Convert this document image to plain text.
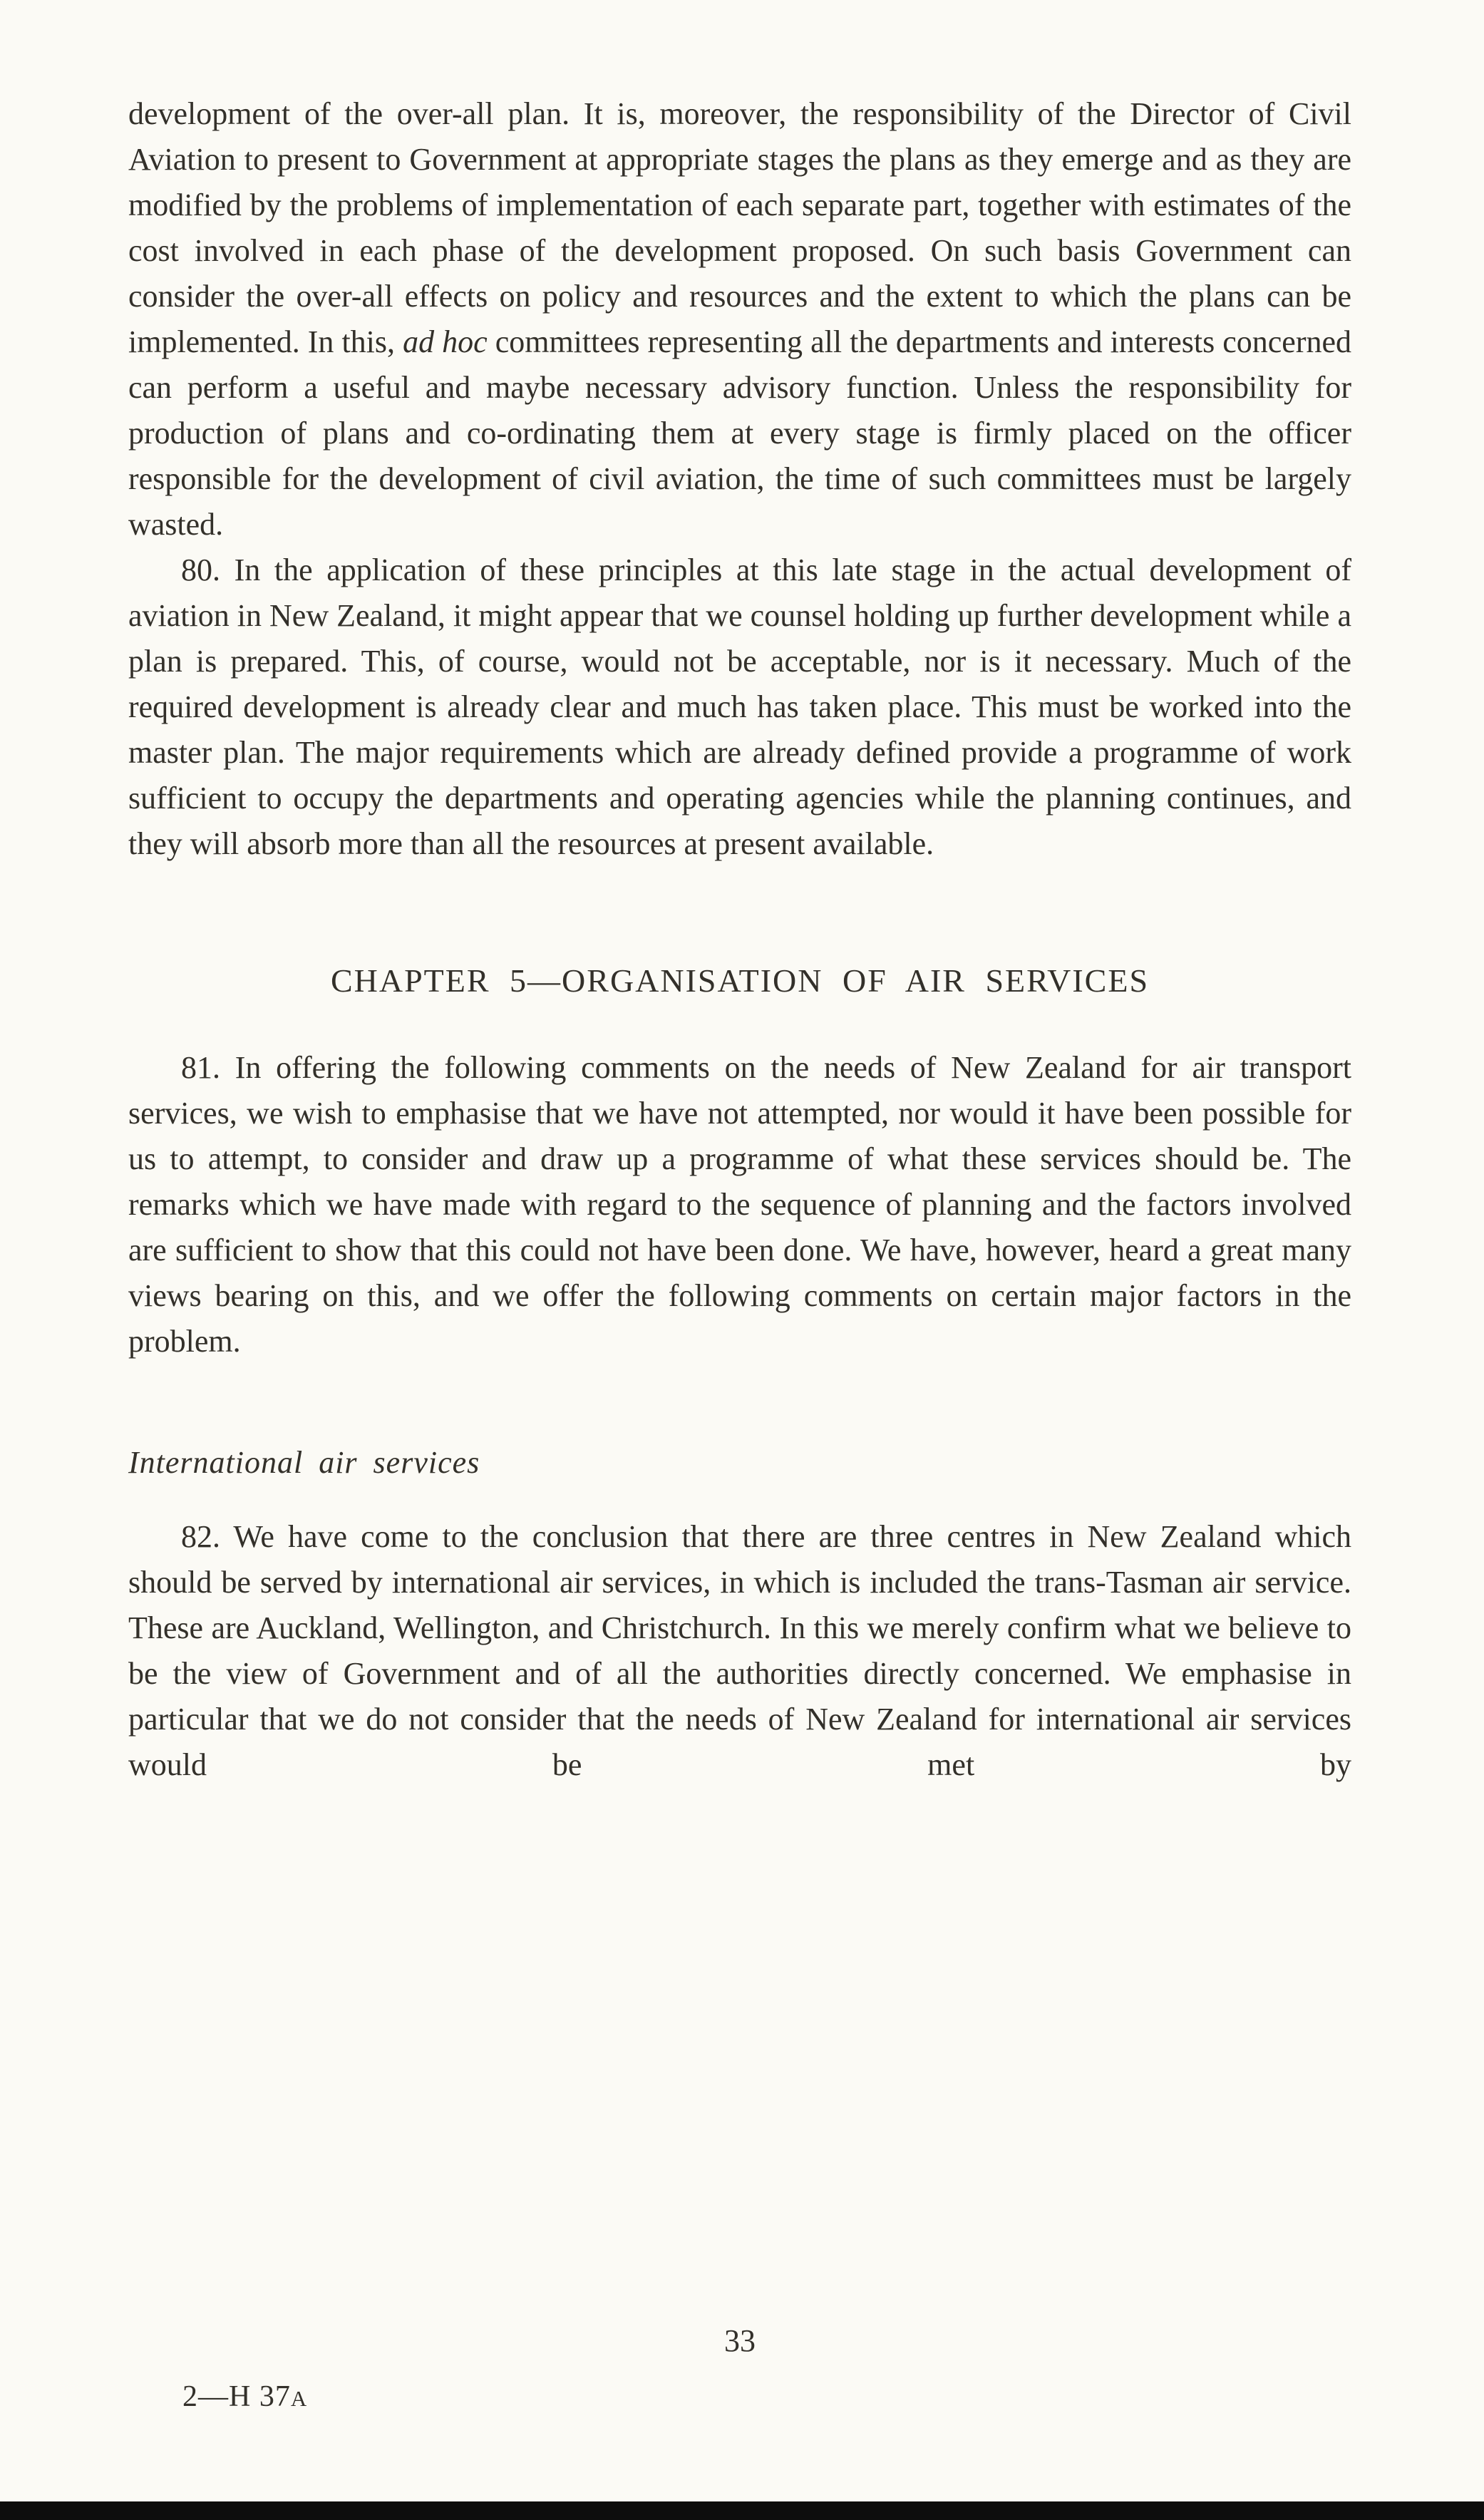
development of the over-all plan. It is, moreover, the responsibility of the Director of Civil Aviation to present to Government at appropriate stages the plans as they emerge and as they are modified by the problems of implementation of each separate part, together with estimates of the cost involved in each phase of the development proposed. On such basis Government can consider the over-all effects on policy and resources and the extent to which the plans can be implemented. In this, ad hoc committees representing all the departments and interests concerned can perform a useful and maybe necessary advisory function. Unless the responsibility for production of plans and co-ordinating them at every stage is firmly placed on the officer responsible for the development of civil aviation, the time of such committees must be largely wasted.

80. In the application of these principles at this late stage in the actual development of aviation in New Zealand, it might appear that we counsel holding up further development while a plan is prepared. This, of course, would not be acceptable, nor is it necessary. Much of the required development is already clear and much has taken place. This must be worked into the master plan. The major requirements which are already defined provide a programme of work sufficient to occupy the departments and operating agencies while the planning continues, and they will absorb more than all the resources at present available.

CHAPTER 5—ORGANISATION OF AIR SERVICES

81. In offering the following comments on the needs of New Zealand for air transport services, we wish to emphasise that we have not attempted, nor would it have been possible for us to attempt, to consider and draw up a programme of what these services should be. The remarks which we have made with regard to the sequence of planning and the factors involved are sufficient to show that this could not have been done. We have, however, heard a great many views bearing on this, and we offer the following comments on certain major factors in the problem.

International air services

82. We have come to the conclusion that there are three centres in New Zealand which should be served by international air services, in which is included the trans-Tasman air service. These are Auckland, Wellington, and Christchurch. In this we merely confirm what we believe to be the view of Government and of all the authorities directly concerned. We emphasise in particular that we do not consider that the needs of New Zealand for international air services would be met by

33
2—H 37A
